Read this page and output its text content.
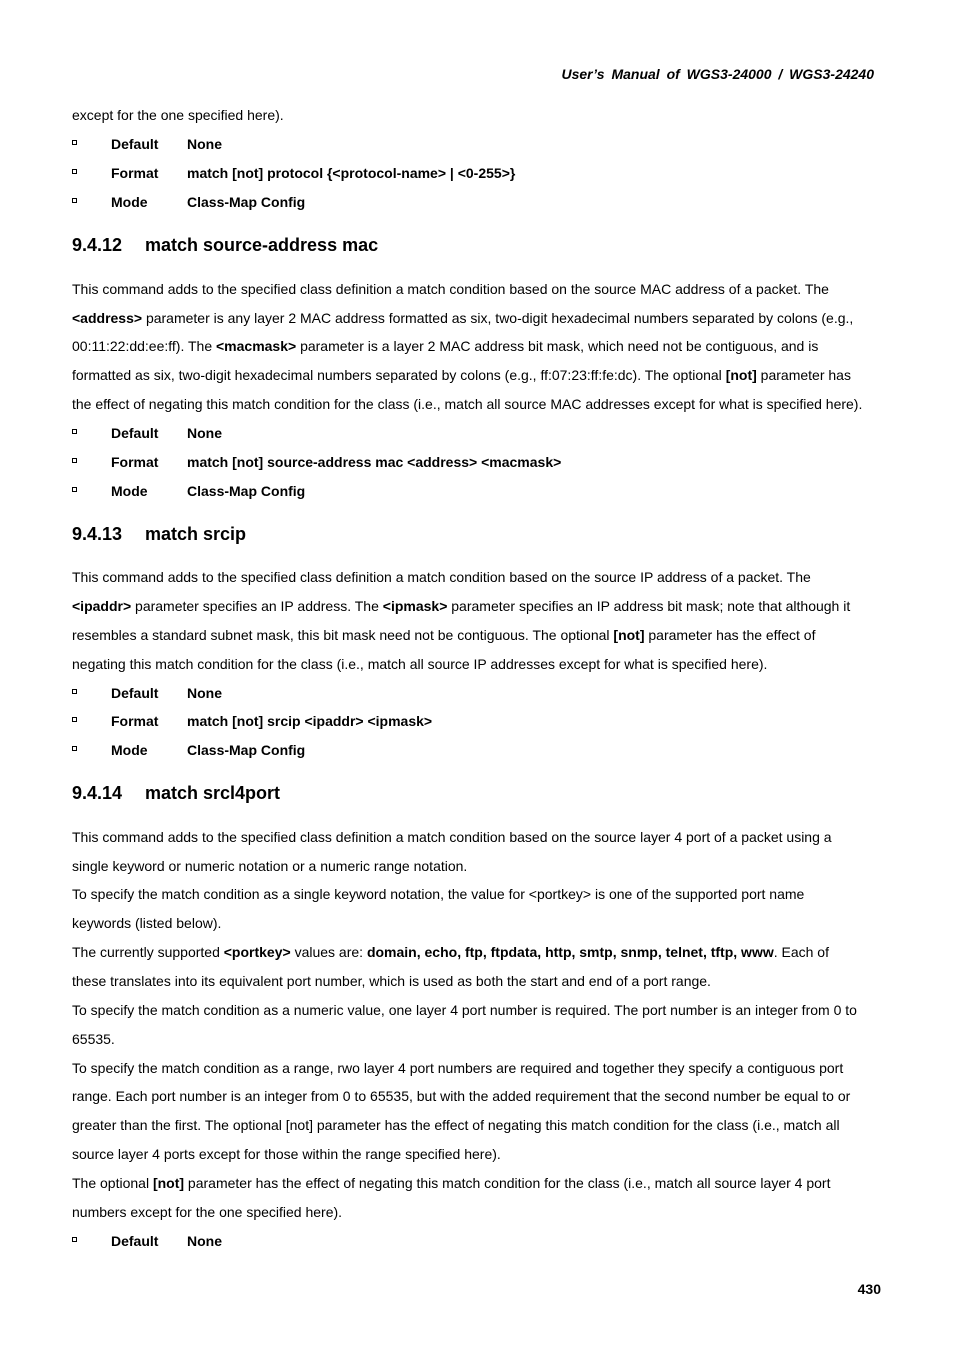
User’s Manual of WGS3-24000 / WGS3-24240
except for the one specified here).
Default None
Format match [not] protocol {<protocol-name> | <0-255>}
Mode	Class-Map Config
9.4.12 match source-address mac
This command adds to the specified class definition a match condition based on the source MAC address of a packet. The
<address> parameter is any layer 2 MAC address formatted as six, two-digit hexadecimal numbers separated by colons (e.g.,
00:11:22:dd:ee:ff). The <macmask> parameter is a layer 2 MAC address bit mask, which need not be contiguous, and is
formatted as six, two-digit hexadecimal numbers separated by colons (e.g., ff:07:23:ff:fe:dc). The optional [not] parameter has
the effect of negating this match condition for the class (i.e., match all source MAC addresses except for what is specified here).
Default None
Format match [not] source-address mac <address> <macmask>
Mode	Class-Map Config
9.4.13 match srcip
This command adds to the specified class definition a match condition based on the source IP address of a packet. The
<ipaddr> parameter specifies an IP address. The <ipmask> parameter specifies an IP address bit mask; note that although it
resembles a standard subnet mask, this bit mask need not be contiguous. The optional [not] parameter has the effect of
negating this match condition for the class (i.e., match all source IP addresses except for what is specified here).
Default None
Format match [not] srcip <ipaddr> <ipmask>
Mode	Class-Map Config
9.4.14 match srcl4port
This command adds to the specified class definition a match condition based on the source layer 4 port of a packet using a
single keyword or numeric notation or a numeric range notation.
To specify the match condition as a single keyword notation, the value for <portkey> is one of the supported port name
keywords (listed below).
The currently supported <portkey> values are: domain, echo, ftp, ftpdata, http, smtp, snmp, telnet, tftp, www. Each of
these translates into its equivalent port number, which is used as both the start and end of a port range.
To specify the match condition as a numeric value, one layer 4 port number is required. The port number is an integer from 0 to
65535.
To specify the match condition as a range, rwo layer 4 port numbers are required and together they specify a contiguous port
range. Each port number is an integer from 0 to 65535, but with the added requirement that the second number be equal to or
greater than the first. The optional [not] parameter has the effect of negating this match condition for the class (i.e., match all
source layer 4 ports except for those within the range specified here).
The optional [not] parameter has the effect of negating this match condition for the class (i.e., match all source layer 4 port
numbers except for the one specified here).
Default None
430
